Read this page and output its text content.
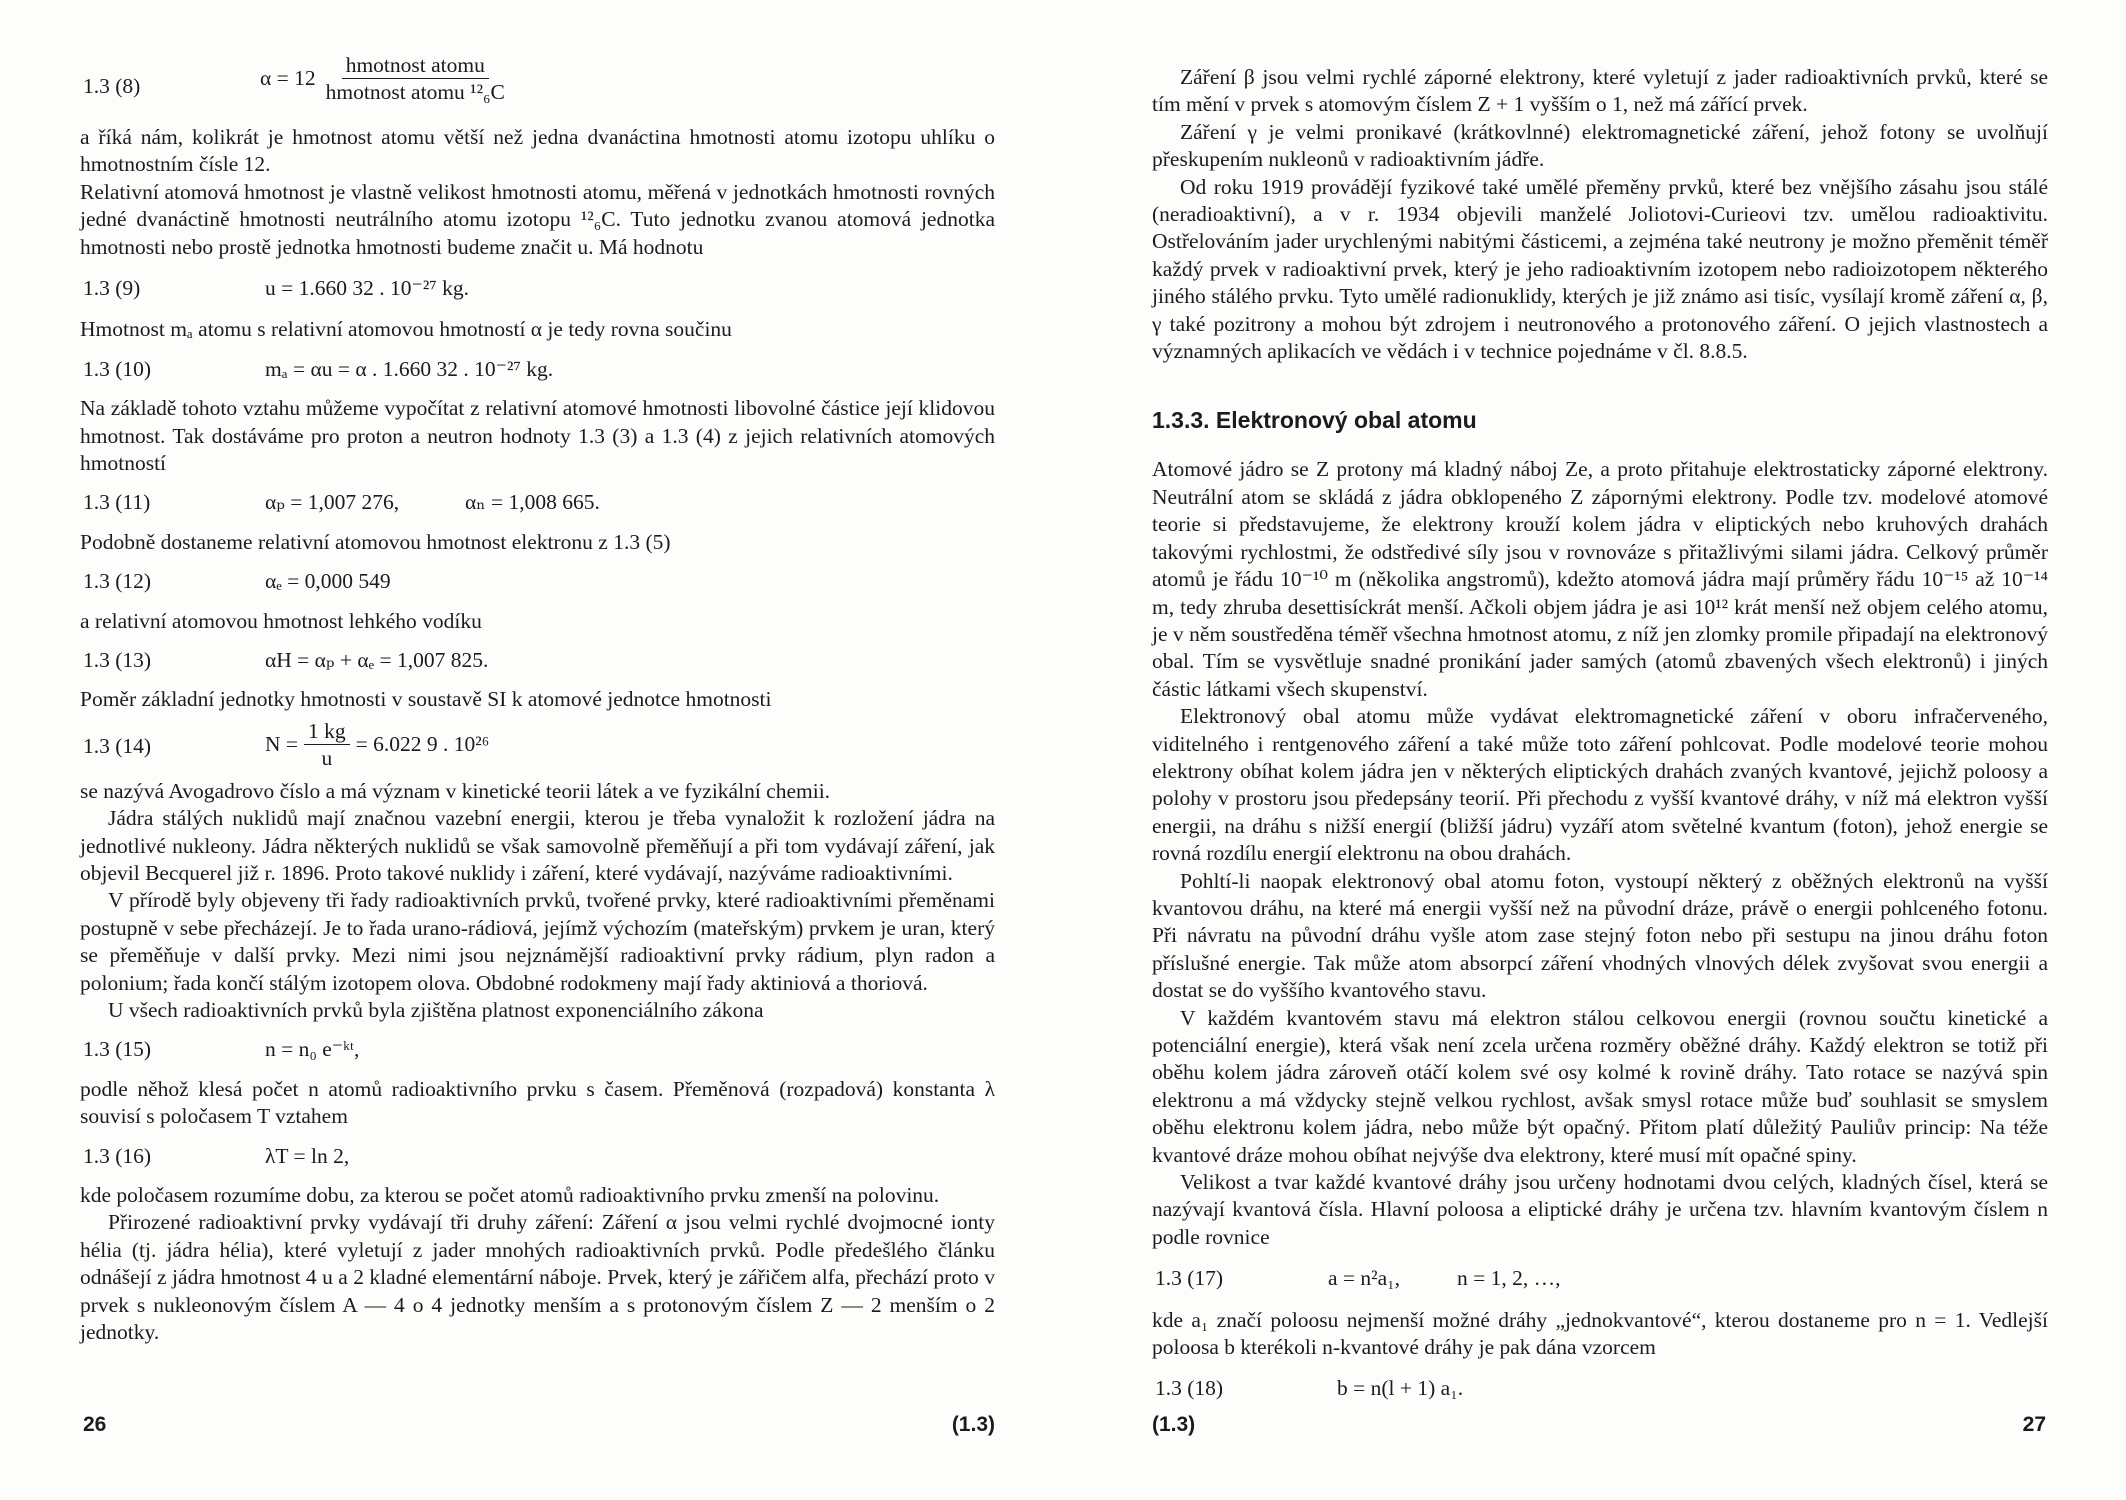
1.3 (8)	α = 12
hmotnost atomu
hmotnost atomu ¹²₆C

a říká nám, kolikrát je hmotnost atomu větší než jedna dvanáctina hmotnosti atomu izotopu uhlíku o hmotnostním čísle 12.

Relativní atomová hmotnost je vlastně velikost hmotnosti atomu, měřená v jednotkách hmotnosti rovných jedné dvanáctině hmotnosti neutrálního atomu izotopu ¹²₆C. Tuto jednotku zvanou atomová jednotka hmotnosti nebo prostě jednotka hmotnosti budeme značit u. Má hodnotu

1.3 (9)	u = 1.660 32 . 10⁻²⁷ kg.

Hmotnost mₐ atomu s relativní atomovou hmotností α je tedy rovna součinu

1.3 (10)	mₐ = αu = α . 1.660 32 . 10⁻²⁷ kg.

Na základě tohoto vztahu můžeme vypočítat z relativní atomové hmotnosti libovolné částice její klidovou hmotnost. Tak dostáváme pro proton a neutron hodnoty 1.3 (3) a 1.3 (4) z jejich relativních atomových hmotností

1.3 (11)	αₚ = 1,007 276,	αₙ = 1,008 665.

Podobně dostaneme relativní atomovou hmotnost elektronu z 1.3 (5)

1.3 (12)	αₑ = 0,000 549

a relativní atomovou hmotnost lehkého vodíku

1.3 (13)	αH = αₚ + αₑ = 1,007 825.

Poměr základní jednotky hmotnosti v soustavě SI k atomové jednotce hmotnosti

1.3 (14)	$N = \frac{1 kg}{u} = 6.022$ 9 . 10²⁶

se nazývá Avogadrovo číslo a má význam v kinetické teorii látek a ve fyzikální chemii.

Jádra stálých nuklidů mají značnou vazební energii, kterou je třeba vynaložit k rozložení jádra na jednotlivé nukleony. Jádra některých nuklidů se však samovolně přeměňují a při tom vydávají záření, jak objevil Becquerel již r. 1896. Proto takové nuklidy i záření, které vydávají, nazýváme radioaktivními.

V přírodě byly objeveny tři řady radioaktivních prvků, tvořené prvky, které radioaktivními přeměnami postupně v sebe přecházejí. Je to řada urano-rádiová, jejímž výchozím (mateřským) prvkem je uran, který se přeměňuje v další prvky. Mezi nimi jsou nejznámější radioaktivní prvky rádium, plyn radon a polonium; řada končí stálým izotopem olova. Obdobné rodokmeny mají řady aktiniová a thoriová.

U všech radioaktivních prvků byla zjištěna platnost exponenciálního zákona

1.3 (15)	n = n₀ e⁻ᵏᵗ,

podle něhož klesá počet n atomů radioaktivního prvku s časem. Přeměnová (rozpadová) konstanta λ souvisí s poločasem T vztahem

1.3 (16)	λT = ln 2,

kde poločasem rozumíme dobu, za kterou se počet atomů radioaktivního prvku zmenší na polovinu.

Přirozené radioaktivní prvky vydávají tři druhy záření: Záření α jsou velmi rychlé dvojmocné ionty hélia (tj. jádra hélia), které vyletují z jader mnohých radioaktivních prvků. Podle předešlého článku odnášejí z jádra hmotnost 4 u a 2 kladné elementární náboje. Prvek, který je zářičem alfa, přechází proto v prvek s nukleonovým číslem A — 4 o 4 jednotky menším a s protonovým číslem Z — 2 menším o 2 jednotky.

26	(1.3)

Záření β jsou velmi rychlé záporné elektrony, které vyletují z jader radioaktivních prvků, které se tím mění v prvek s atomovým číslem Z + 1 vyšším o 1, než má zářící prvek.

Záření γ je velmi pronikavé (krátkovlnné) elektromagnetické záření, jehož fotony se uvolňují přeskupením nukleonů v radioaktivním jádře.

Od roku 1919 provádějí fyzikové také umělé přeměny prvků, které bez vnějšího zásahu jsou stálé (neradioaktivní), a v r. 1934 objevili manželé Joliotovi-Curieovi tzv. umělou radioaktivitu. Ostřelováním jader urychlenými nabitými částicemi, a zejména také neutrony je možno přeměnit téměř každý prvek v radioaktivní prvek, který je jeho radioaktivním izotopem nebo radioizotopem některého jiného stálého prvku. Tyto umělé radionuklidy, kterých je již známo asi tisíc, vysílají kromě záření α, β, γ také pozitrony a mohou být zdrojem i neutronového a protonového záření. O jejich vlastnostech a významných aplikacích ve vědách i v technice pojednáme v čl. 8.8.5.

1.3.3. Elektronový obal atomu

Atomové jádro se Z protony má kladný náboj Ze, a proto přitahuje elektrostaticky záporné elektrony. Neutrální atom se skládá z jádra obklopeného Z zápornými elektrony. Podle tzv. modelové atomové teorie si představujeme, že elektrony krouží kolem jádra v eliptických nebo kruhových drahách takovými rychlostmi, že odstředivé síly jsou v rovnováze s přitažlivými silami jádra. Celkový průměr atomů je řádu 10⁻¹⁰ m (několika angstromů), kdežto atomová jádra mají průměry řádu 10⁻¹⁵ až 10⁻¹⁴ m, tedy zhruba desettisíckrát menší. Ačkoli objem jádra je asi 10¹² krát menší než objem celého atomu, je v něm soustředěna téměř všechna hmotnost atomu, z níž jen zlomky promile připadají na elektronový obal. Tím se vysvětluje snadné pronikání jader samých (atomů zbavených všech elektronů) i jiných částic látkami všech skupenství.

Elektronový obal atomu může vydávat elektromagnetické záření v oboru infračerveného, viditelného i rentgenového záření a také může toto záření pohlcovat. Podle modelové teorie mohou elektrony obíhat kolem jádra jen v některých eliptických drahách zvaných kvantové, jejichž poloosy a polohy v prostoru jsou předepsány teorií. Při přechodu z vyšší kvantové dráhy, v níž má elektron vyšší energii, na dráhu s nižší energií (bližší jádru) vyzáří atom světelné kvantum (foton), jehož energie se rovná rozdílu energií elektronu na obou drahách.

Pohltí-li naopak elektronový obal atomu foton, vystoupí některý z oběžných elektronů na vyšší kvantovou dráhu, na které má energii vyšší než na původní dráze, právě o energii pohlceného fotonu. Při návratu na původní dráhu vyšle atom zase stejný foton nebo při sestupu na jinou dráhu foton příslušné energie. Tak může atom absorpcí záření vhodných vlnových délek zvyšovat svou energii a dostat se do vyššího kvantového stavu.

V každém kvantovém stavu má elektron stálou celkovou energii (rovnou součtu kinetické a potenciální energie), která však není zcela určena rozměry oběžné dráhy. Každý elektron se totiž při oběhu kolem jádra zároveň otáčí kolem své osy kolmé k rovině dráhy. Tato rotace se nazývá spin elektronu a má vždycky stejně velkou rychlost, avšak smysl rotace může buď souhlasit se smyslem oběhu elektronu kolem jádra, nebo může být opačný. Přitom platí důležitý Pauliův princip: Na téže kvantové dráze mohou obíhat nejvýše dva elektrony, které musí mít opačné spiny.

Velikost a tvar každé kvantové dráhy jsou určeny hodnotami dvou celých, kladných čísel, která se nazývají kvantová čísla. Hlavní poloosa a eliptické dráhy je určena tzv. hlavním kvantovým číslem n podle rovnice

1.3 (17)	a = n²a₁,	n = 1, 2, …,

kde a₁ značí poloosu nejmenší možné dráhy „jednokvantové“, kterou dostaneme pro n = 1. Vedlejší poloosa b kterékoli n-kvantové dráhy je pak dána vzorcem

1.3 (18)	b = n(l + 1) a₁.
(1.3)	27
